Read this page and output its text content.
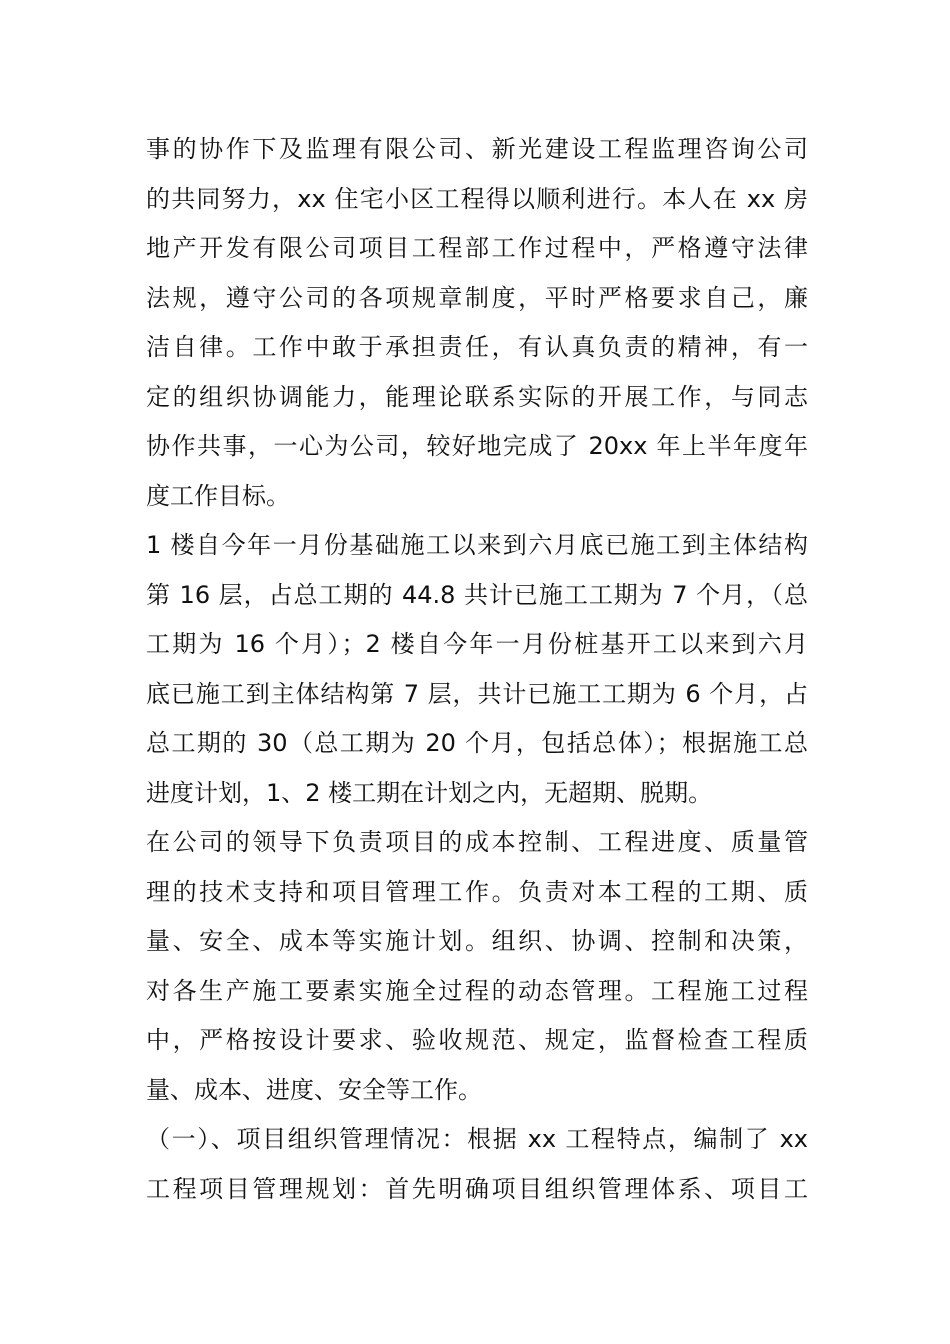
事的协作下及监理有限公司、新光建设工程监理咨询公司
的共同努力，xx 住宅小区工程得以顺利进行。本人在 xx 房
地产开发有限公司项目工程部工作过程中，严格遵守法律
法规，遵守公司的各项规章制度，平时严格要求自己，廉
洁自律。工作中敢于承担责任，有认真负责的精神，有一
定的组织协调能力，能理论联系实际的开展工作，与同志
协作共事，一心为公司，较好地完成了 20xx 年上半年度年
度工作目标。
1 楼自今年一月份基础施工以来到六月底已施工到主体结构
第 16 层，占总工期的 44.8 共计已施工工期为 7 个月，（总
工期为 16 个月）；2 楼自今年一月份桩基开工以来到六月
底已施工到主体结构第 7 层，共计已施工工期为 6 个月，占
总工期的 30（总工期为 20 个月，包括总体）；根据施工总
进度计划，1、2 楼工期在计划之内，无超期、脱期。
在公司的领导下负责项目的成本控制、工程进度、质量管
理的技术支持和项目管理工作。负责对本工程的工期、质
量、安全、成本等实施计划。组织、协调、控制和决策，
对各生产施工要素实施全过程的动态管理。工程施工过程
中，严格按设计要求、验收规范、规定，监督检查工程质
量、成本、进度、安全等工作。
（一）、项目组织管理情况：根据 xx 工程特点，编制了 xx
工程项目管理规划：首先明确项目组织管理体系、项目工
